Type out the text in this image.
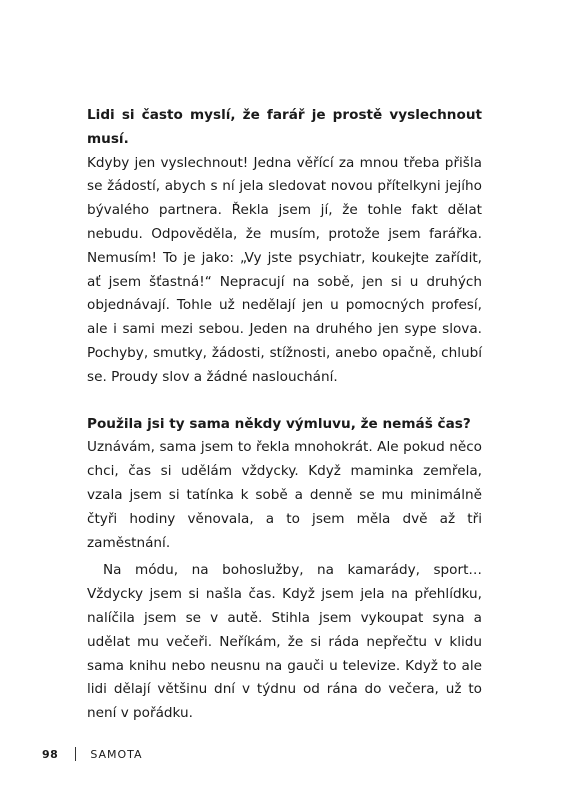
Lidi si často myslí, že farář je prostě vyslechnout musí.

Kdyby jen vyslechnout! Jedna věřící za mnou třeba přišla se žádostí, abych s ní jela sledovat novou přítelkyni jejího bývalého partnera. Řekla jsem jí, že tohle fakt dělat nebudu. Odpověděla, že musím, protože jsem farářka. Nemusím! To je jako: „Vy jste psychiatr, koukejte zařídit, ať jsem šťastná!“ Nepracují na sobě, jen si u druhých objednávají. Tohle už nedělají jen u pomocných profesí, ale i sami mezi sebou. Jeden na druhého jen sype slova. Pochyby, smutky, žádosti, stížnosti, anebo opačně, chlubí se. Proudy slov a žádné naslouchání.

Použila jsi ty sama někdy výmluvu, že nemáš čas?

Uznávám, sama jsem to řekla mnohokrát. Ale pokud něco chci, čas si udělám vždycky. Když maminka zemřela, vzala jsem si tatínka k sobě a denně se mu minimálně čtyři hodiny věnovala, a to jsem měla dvě až tři zaměstnání.

Na módu, na bohoslužby, na kamarády, sport… Vždycky jsem si našla čas. Když jsem jela na přehlídku, nalíčila jsem se v autě. Stihla jsem vykoupat syna a udělat mu večeři. Neříkám, že si ráda nepřečtu v klidu sama knihu nebo neusnu na gauči u televize. Když to ale lidi dělají většinu dní v týdnu od rána do večera, už to není v pořádku.

98	SAMOTA
